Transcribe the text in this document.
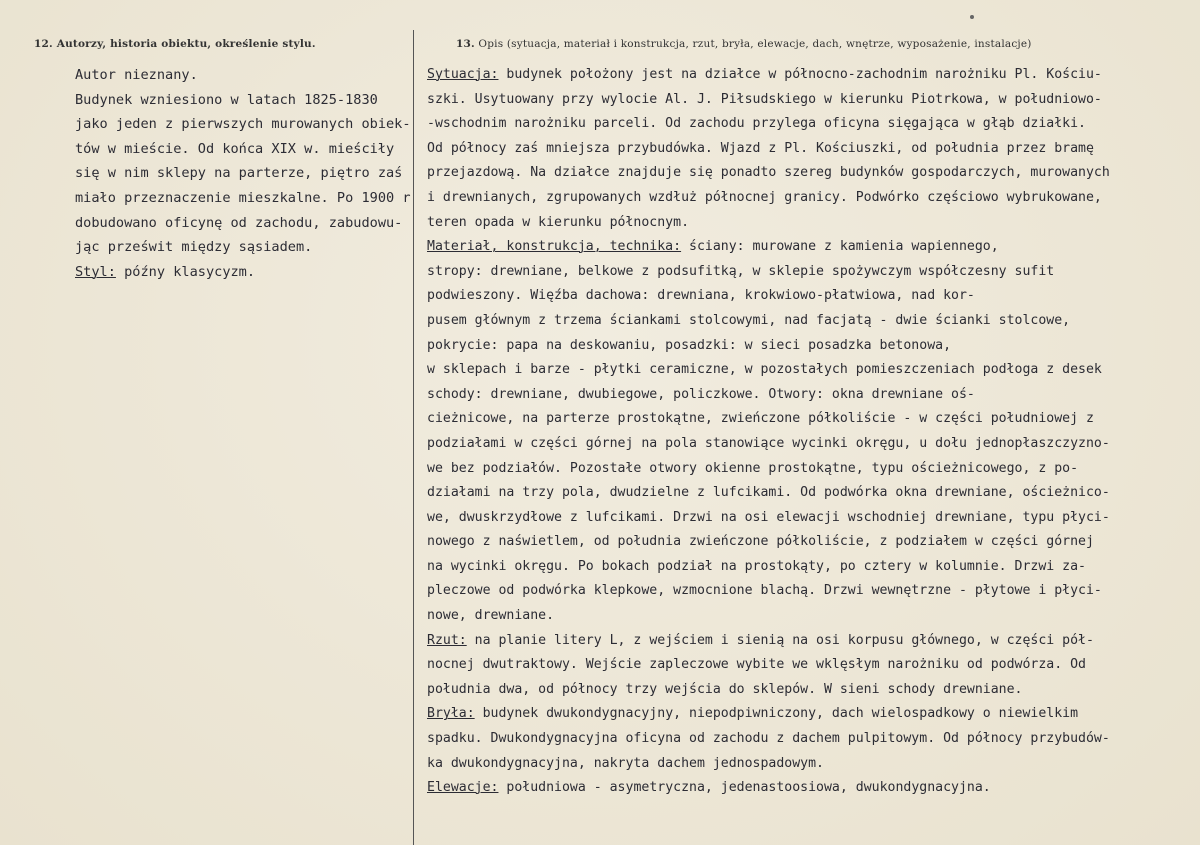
12. Autorzy, historia obiektu, określenie stylu.	13. Opis (sytuacja, materiał i konstrukcja, rzut, bryła, elewacje, dach, wnętrze, wyposażenie, instalacje)
Autor nieznany.
Budynek wzniesiono w latach 1825-1830
jako jeden z pierwszych murowanych obiek-
tów w mieście. Od końca XIX w. mieściły
się w nim sklepy na parterze, piętro zaś
miało przeznaczenie mieszkalne. Po 1900 r
dobudowano oficynę od zachodu, zabudowu-
jąc prześwit między sąsiadem.
Styl: późny klasycyzm.
Sytuacja: budynek położony jest na działce w północno-zachodnim narożniku Pl. Kościu-
szki. Usytuowany przy wylocie Al. J. Piłsudskiego w kierunku Piotrkowa, w południowo-
-wschodnim narożniku parceli. Od zachodu przylega oficyna sięgająca w głąb działki.
Od północy zaś mniejsza przybudówka. Wjazd z Pl. Kościuszki, od południa przez bramę
przejazdową. Na działce znajduje się ponadto szereg budynków gospodarczych, murowanych
i drewnianych, zgrupowanych wzdłuż północnej granicy. Podwórko częściowo wybrukowane,
teren opada w kierunku północnym.
Materiał, konstrukcja, technika: ściany: murowane z kamienia wapiennego,
stropy: drewniane, belkowe z podsufitką, w sklepie spożywczym współczesny sufit
podwieszony. Więźba dachowa: drewniana, krokwiowo-płatwiowa, nad kor-
pusem głównym z trzema ściankami stolcowymi, nad facjatą - dwie ścianki stolcowe,
pokrycie: papa na deskowaniu, posadzki: w sieci posadzka betonowa,
w sklepach i barze - płytki ceramiczne, w pozostałych pomieszczeniach podłoga z desek
schody: drewniane, dwubiegowe, policzkowe. Otwory: okna drewniane oś-
cieżnicowe, na parterze prostokątne, zwieńczone półkoliście - w części południowej z
podziałami w części górnej na pola stanowiące wycinki okręgu, u dołu jednopłaszczyzno-
we bez podziałów. Pozostałe otwory okienne prostokątne, typu ościeżnicowego, z po-
działami na trzy pola, dwudzielne z lufcikami. Od podwórka okna drewniane, ościeżnico-
we, dwuskrzydłowe z lufcikami. Drzwi na osi elewacji wschodniej drewniane, typu płyci-
nowego z naświetlem, od południa zwieńczone półkoliście, z podziałem w części górnej
na wycinki okręgu. Po bokach podział na prostokąty, po cztery w kolumnie. Drzwi za-
pleczowe od podwórka klepkowe, wzmocnione blachą. Drzwi wewnętrzne - płytowe i płyci-
nowe, drewniane.
Rzut: na planie litery L, z wejściem i sienią na osi korpusu głównego, w części pół-
nocnej dwutraktowy. Wejście zapleczowe wybite we wklęsłym narożniku od podwórza. Od
południa dwa, od północy trzy wejścia do sklepów. W sieni schody drewniane.
Bryła: budynek dwukondygnacyjny, niepodpiwniczony, dach wielospadkowy o niewielkim
spadku. Dwukondygnacyjna oficyna od zachodu z dachem pulpitowym. Od północy przybudów-
ka dwukondygnacyjna, nakryta dachem jednospadowym.
Elewacje: południowa - asymetryczna, jedenastoosiowa, dwukondygnacyjna.
